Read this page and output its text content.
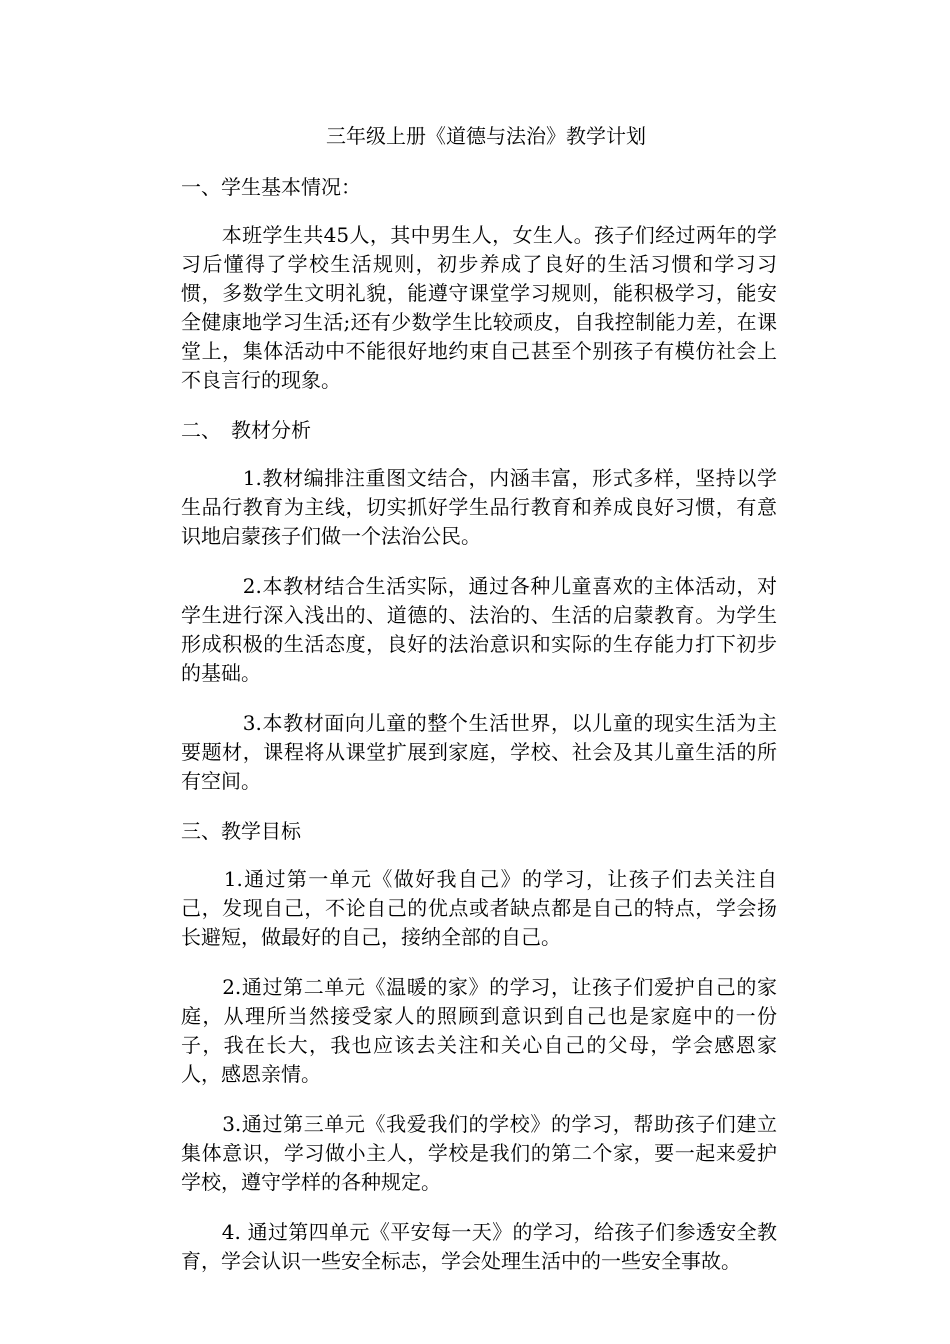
三年级上册《道德与法治》教学计划
一、学生基本情况：

　　本班学生共45人，其中男生人，女生人。孩子们经过两年的学习后懂得了学校生活规则，初步养成了良好的生活习惯和学习习惯，多数学生文明礼貌，能遵守课堂学习规则，能积极学习，能安全健康地学习生活;还有少数学生比较顽皮，自我控制能力差，在课堂上，集体活动中不能很好地约束自己甚至个别孩子有模仿社会上不良言行的现象。

二、　教材分析

　　　1.教材编排注重图文结合，内涵丰富，形式多样，坚持以学生品行教育为主线，切实抓好学生品行教育和养成良好习惯，有意识地启蒙孩子们做一个法治公民。

　　　2.本教材结合生活实际，通过各种儿童喜欢的主体活动，对学生进行深入浅出的、道德的、法治的、生活的启蒙教育。为学生形成积极的生活态度，良好的法治意识和实际的生存能力打下初步的基础。

　　　3.本教材面向儿童的整个生活世界，以儿童的现实生活为主要题材，课程将从课堂扩展到家庭，学校、社会及其儿童生活的所有空间。

三、教学目标

　　1.通过第一单元《做好我自己》的学习，让孩子们去关注自己，发现自己，不论自己的优点或者缺点都是自己的特点，学会扬长避短，做最好的自己，接纳全部的自己。

　　2.通过第二单元《温暖的家》的学习，让孩子们爱护自己的家庭，从理所当然接受家人的照顾到意识到自己也是家庭中的一份子，我在长大，我也应该去关注和关心自己的父母，学会感恩家人，感恩亲情。

　　3.通过第三单元《我爱我们的学校》的学习，帮助孩子们建立集体意识，学习做小主人，学校是我们的第二个家，要一起来爱护学校，遵守学样的各种规定。

　　4. 通过第四单元《平安每一天》的学习，给孩子们参透安全教育，学会认识一些安全标志，学会处理生活中的一些安全事故。
